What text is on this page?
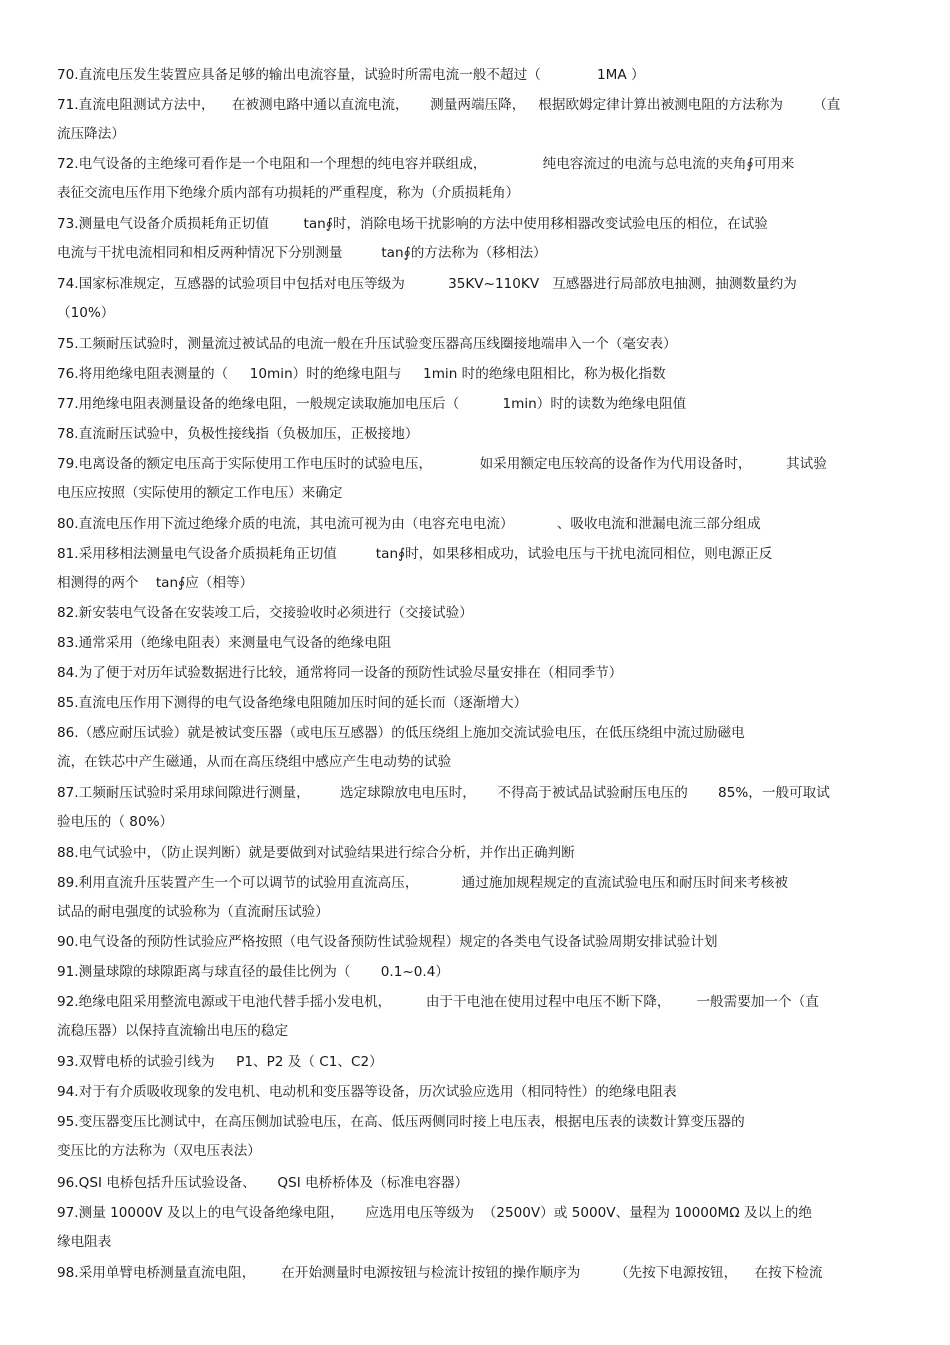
70.直流电压发生装置应具备足够的输出电流容量，试验时所需电流一般不超过（             1MA ）
71.直流电阻测试方法中，    在被测电路中通以直流电流，     测量两端压降，   根据欧姆定律计算出被测电阻的方法称为       （直
流压降法）
72.电气设备的主绝缘可看作是一个电阻和一个理想的纯电容并联组成，             纯电容流过的电流与总电流的夹角∮可用来
表征交流电压作用下绝缘介质内部有功损耗的严重程度，称为（介质损耗角）
73.测量电气设备介质损耗角正切值        tan∮时，消除电场干扰影响的方法中使用移相器改变试验电压的相位，在试验
电流与干扰电流相同和相反两种情况下分别测量         tan∮的方法称为（移相法）
74.国家标准规定，互感器的试验项目中包括对电压等级为          35KV~110KV   互感器进行局部放电抽测，抽测数量约为
（10%）
75.工频耐压试验时，测量流过被试品的电流一般在升压试验变压器高压线圈接地端串入一个（毫安表）
76.将用绝缘电阻表测量的（     10min）时的绝缘电阻与     1min 时的绝缘电阻相比，称为极化指数
77.用绝缘电阻表测量设备的绝缘电阻，一般规定读取施加电压后（          1min）时的读数为绝缘电阻值
78.直流耐压试验中，负极性接线指（负极加压，正极接地）
79.电离设备的额定电压高于实际使用工作电压时的试验电压，           如采用额定电压较高的设备作为代用设备时，        其试验
电压应按照（实际使用的额定工作电压）来确定
80.直流电压作用下流过绝缘介质的电流，其电流可视为由（电容充电电流）          、吸收电流和泄漏电流三部分组成
81.采用移相法测量电气设备介质损耗角正切值         tan∮时，如果移相成功，试验电压与干扰电流同相位，则电源正反
相测得的两个    tan∮应（相等）
82.新安装电气设备在安装竣工后，交接验收时必须进行（交接试验）
83.通常采用（绝缘电阻表）来测量电气设备的绝缘电阻
84.为了便于对历年试验数据进行比较，通常将同一设备的预防性试验尽量安排在（相同季节）
85.直流电压作用下测得的电气设备绝缘电阻随加压时间的延长而（逐渐增大）
86.（感应耐压试验）就是被试变压器（或电压互感器）的低压绕组上施加交流试验电压，在低压绕组中流过励磁电
流，在铁芯中产生磁通，从而在高压绕组中感应产生电动势的试验
87.工频耐压试验时采用球间隙进行测量，       选定球隙放电电压时，     不得高于被试品试验耐压电压的       85%，一般可取试
验电压的（ 80%）
88.电气试验中，（防止误判断）就是要做到对试验结果进行综合分析，并作出正确判断
89.利用直流升压装置产生一个可以调节的试验用直流高压，          通过施加规程规定的直流试验电压和耐压时间来考核被
试品的耐电强度的试验称为（直流耐压试验）
90.电气设备的预防性试验应严格按照（电气设备预防性试验规程）规定的各类电气设备试验周期安排试验计划
91.测量球隙的球隙距离与球直径的最佳比例为（       0.1~0.4）
92.绝缘电阻采用整流电源或干电池代替手摇小发电机，        由于干电池在使用过程中电压不断下降，      一般需要加一个（直
流稳压器）以保持直流输出电压的稳定
93.双臂电桥的试验引线为     P1、P2 及（ C1、C2）
94.对于有介质吸收现象的发电机、电动机和变压器等设备，历次试验应选用（相同特性）的绝缘电阻表
95.变压器变压比测试中，在高压侧加试验电压，在高、低压两侧同时接上电压表，根据电压表的读数计算变压器的
变压比的方法称为（双电压表法）
96.QSI 电桥包括升压试验设备、     QSI 电桥桥体及（标准电容器）
97.测量 10000V 及以上的电气设备绝缘电阻，     应选用电压等级为  （2500V）或 5000V、量程为 10000MΩ 及以上的绝
缘电阻表
98.采用单臂电桥测量直流电阻，      在开始测量时电源按钮与检流计按钮的操作顺序为        （先按下电源按钮，    在按下检流
